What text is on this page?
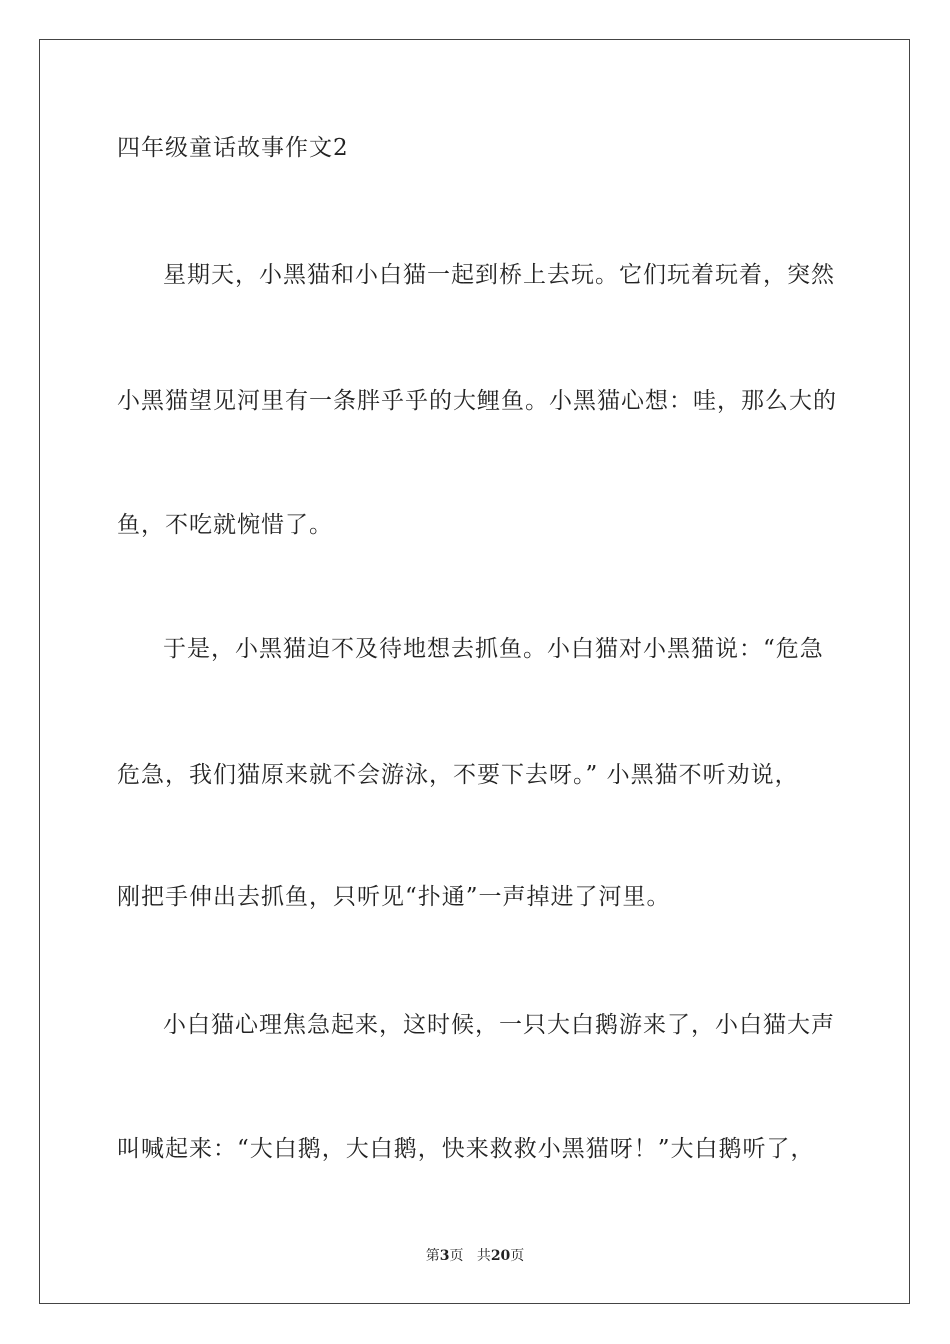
四年级童话故事作文2
星期天，小黑猫和小白猫一起到桥上去玩。它们玩着玩着，突然
小黑猫望见河里有一条胖乎乎的大鲤鱼。小黑猫心想：哇，那么大的
鱼，不吃就惋惜了。
于是，小黑猫迫不及待地想去抓鱼。小白猫对小黑猫说：“危急
危急，我们猫原来就不会游泳，不要下去呀。” 小黑猫不听劝说，
刚把手伸出去抓鱼，只听见“扑通”一声掉进了河里。
小白猫心理焦急起来，这时候，一只大白鹅游来了，小白猫大声
叫喊起来：“大白鹅，大白鹅，快来救救小黑猫呀！”大白鹅听了，
第3页 共20页
